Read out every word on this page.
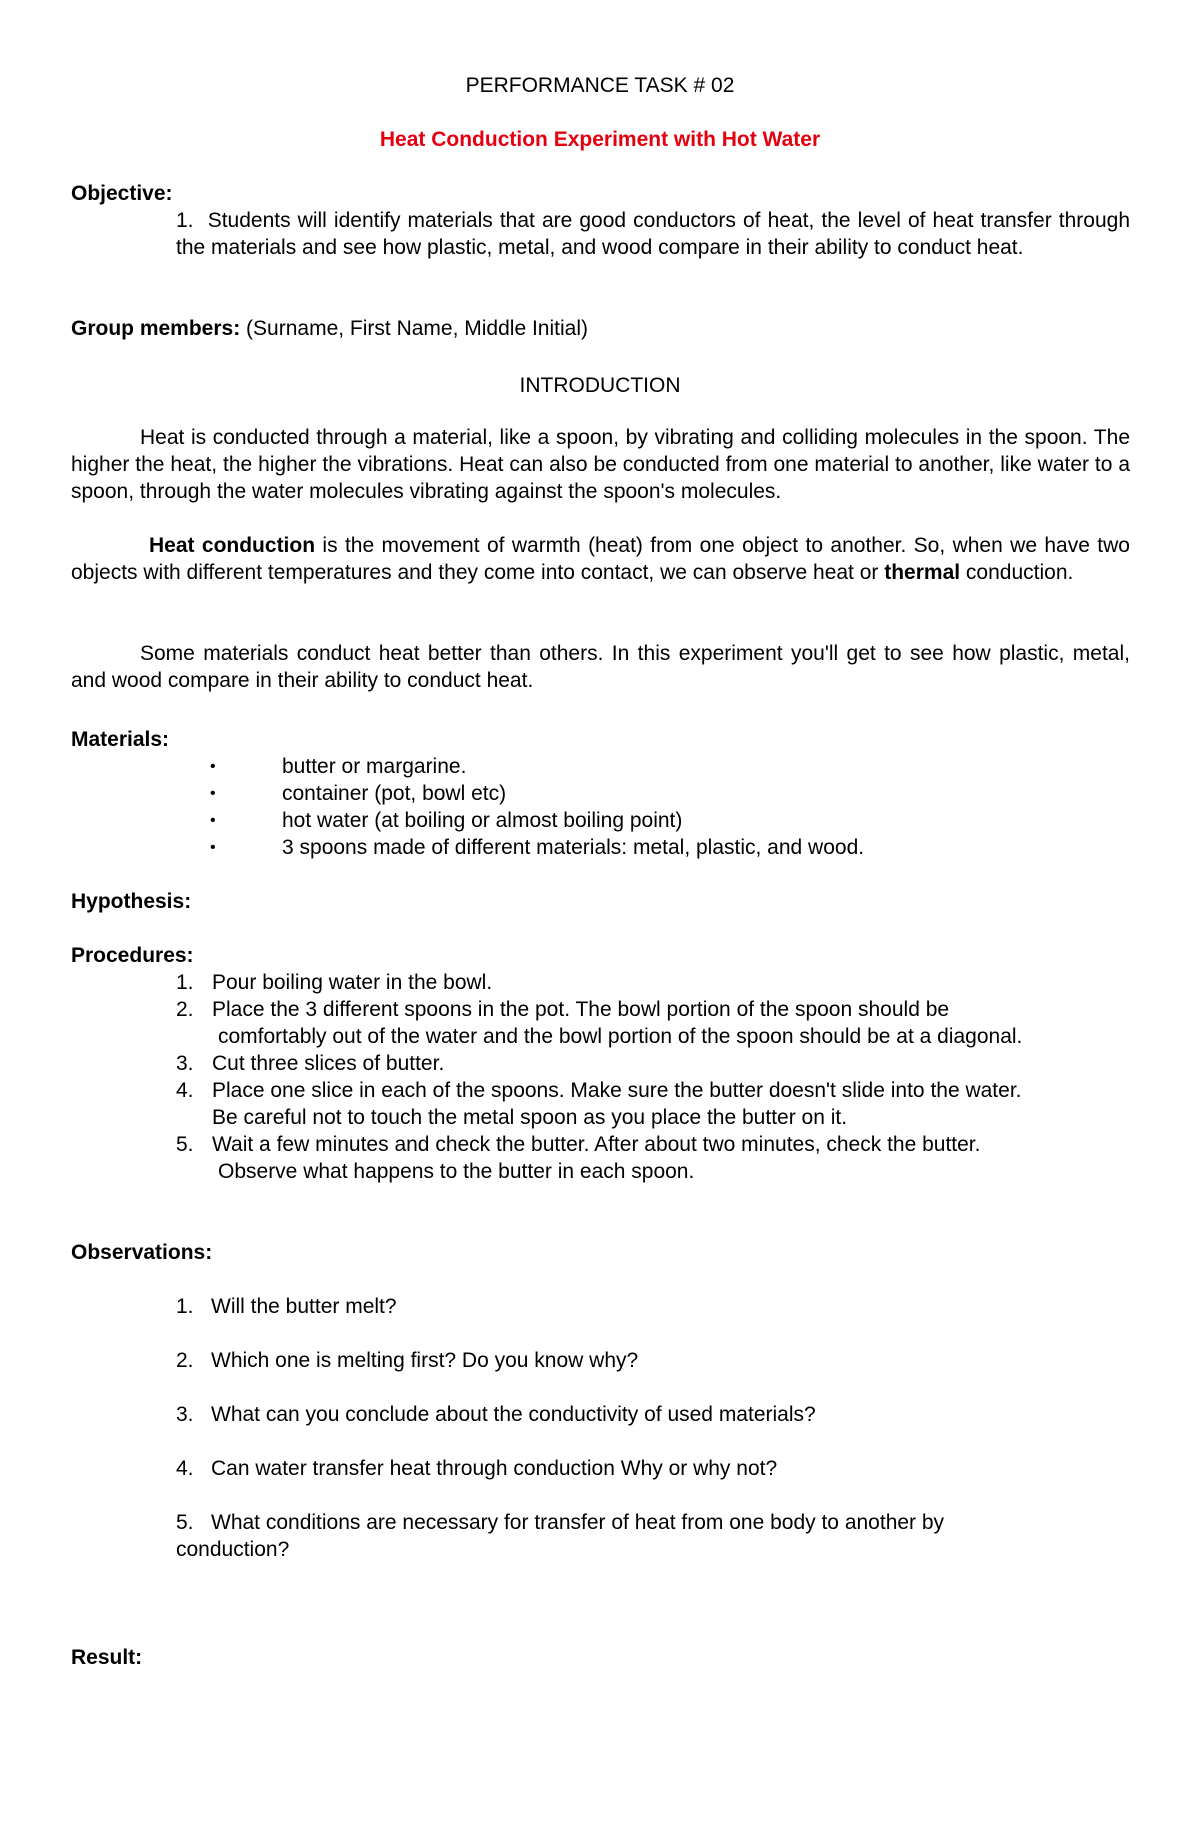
PERFORMANCE TASK # 02
Heat Conduction Experiment with Hot Water

Objective:

1. Students will identify materials that are good conductors of heat, the level of heat transfer through the materials and see how plastic, metal, and wood compare in their ability to conduct heat.

Group members: (Surname, First Name, Middle Initial)

INTRODUCTION

Heat is conducted through a material, like a spoon, by vibrating and colliding molecules in the spoon. The higher the heat, the higher the vibrations. Heat can also be conducted from one material to another, like water to a spoon, through the water molecules vibrating against the spoon's molecules.

Heat conduction is the movement of warmth (heat) from one object to another. So, when we have two objects with different temperatures and they come into contact, we can observe heat or thermal conduction.

Some materials conduct heat better than others. In this experiment you'll get to see how plastic, metal, and wood compare in their ability to conduct heat.

Materials:

•	butter or margarine.
•	container (pot, bowl etc)
•	hot water (at boiling or almost boiling point)
•	3 spoons made of different materials: metal, plastic, and wood.

Hypothesis:

Procedures:

1. Pour boiling water in the bowl.
2. Place the 3 different spoons in the pot. The bowl portion of the spoon should be
comfortably out of the water and the bowl portion of the spoon should be at a diagonal.
3. Cut three slices of butter.
4. Place one slice in each of the spoons. Make sure the butter doesn't slide into the water.
Be careful not to touch the metal spoon as you place the butter on it.
5. Wait a few minutes and check the butter. After about two minutes, check the butter.
Observe what happens to the butter in each spoon.

Observations:

1. Will the butter melt?
2. Which one is melting first? Do you know why?
3. What can you conclude about the conductivity of used materials?
4. Can water transfer heat through conduction Why or why not?
5. What conditions are necessary for transfer of heat from one body to another by
conduction?

Result:
